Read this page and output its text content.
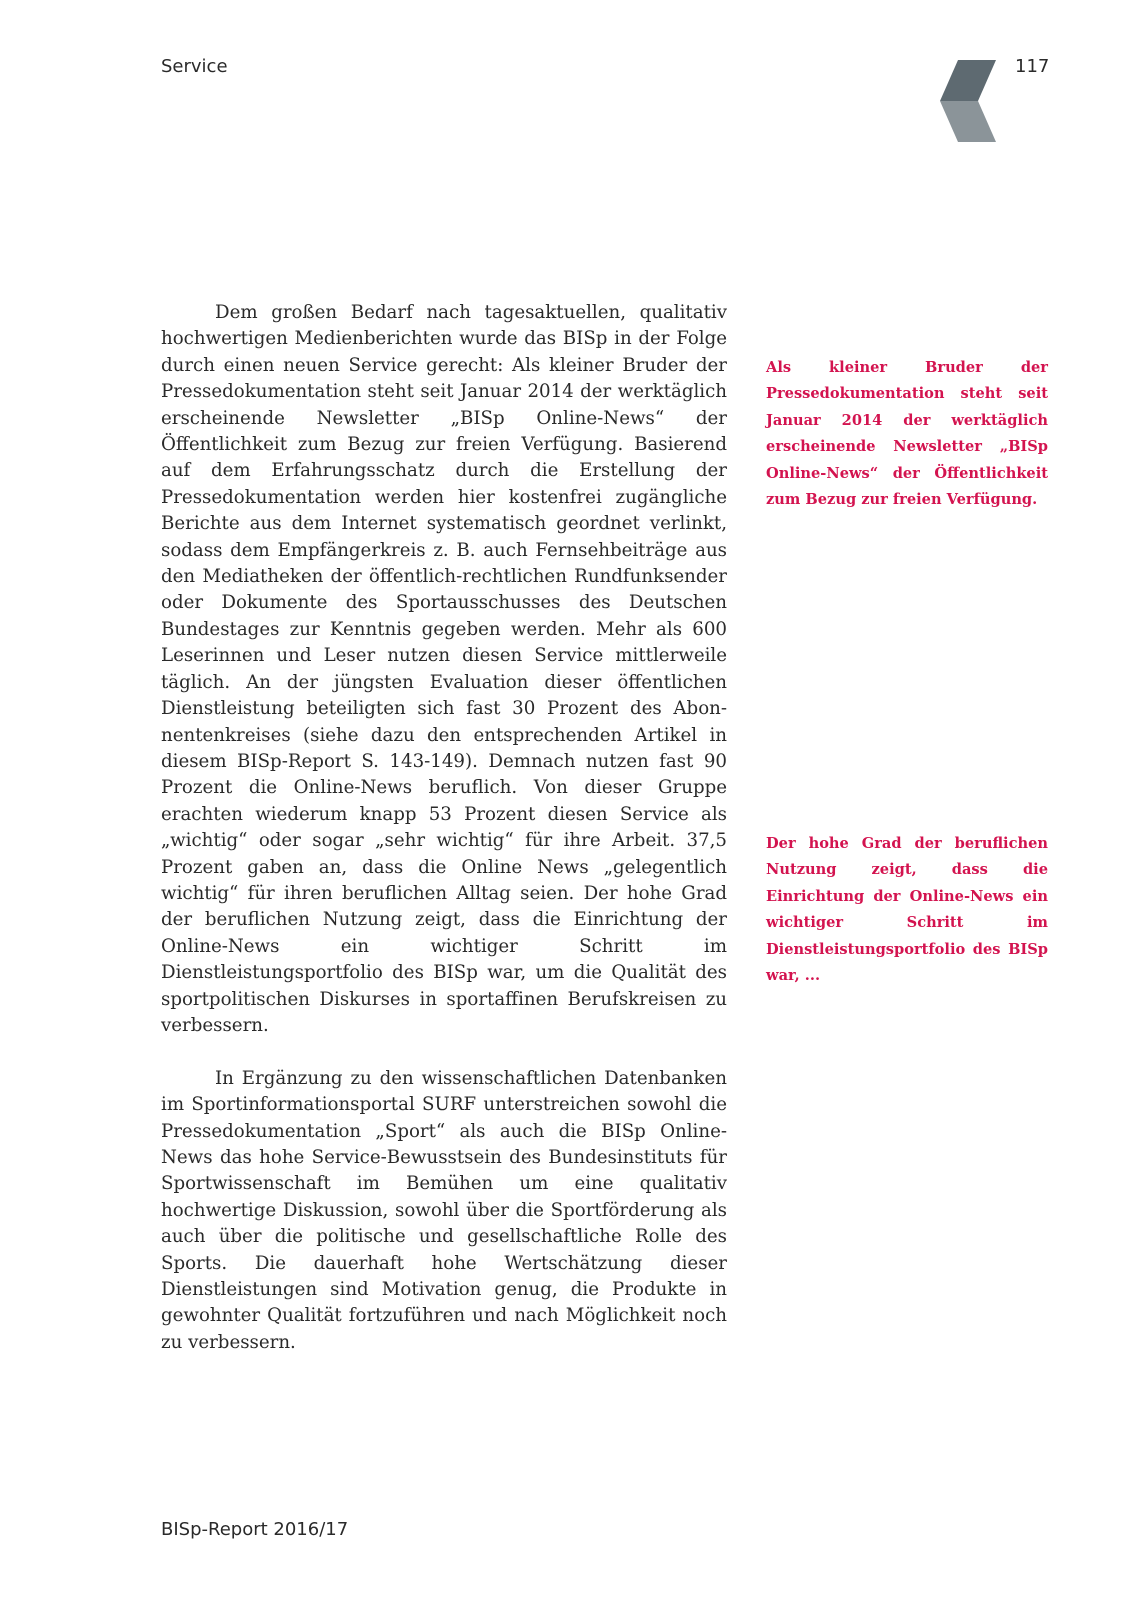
Service	117

Dem großen Bedarf nach tagesaktuellen, qualitativ hochwertigen Medienberichten wurde das BISp in der Folge durch einen neuen Service gerecht: Als kleiner Bruder der Pressedokumentation steht seit Januar 2014 der werktäglich erscheinende Newsletter „BISp Online-News“ der Öffentlichkeit zum Bezug zur freien Verfügung. Basierend auf dem Erfahrungsschatz durch die Erstellung der Pressedokumentation werden hier kostenfrei zugängliche Berichte aus dem Internet systematisch geordnet verlinkt, sodass dem Empfängerkreis z. B. auch Fernsehbeiträge aus den Mediatheken der öffentlich-rechtlichen Rundfunksender oder Dokumente des Sportausschusses des Deutschen Bundestages zur Kenntnis gegeben werden. Mehr als 600 Leserinnen und Leser nutzen diesen Service mittlerweile täglich. An der jüngsten Evaluation dieser öffentlichen Dienstleistung beteiligten sich fast 30 Prozent des Abon-nentenkreises (siehe dazu den entsprechenden Artikel in diesem BISp-Report S. 143-149). Demnach nutzen fast 90 Prozent die Online-News beruflich. Von dieser Gruppe erachten wiederum knapp 53 Prozent diesen Service als „wichtig“ oder sogar „sehr wichtig“ für ihre Arbeit. 37,5 Prozent gaben an, dass die Online News „gelegentlich wichtig“ für ihren beruflichen Alltag seien. Der hohe Grad der beruflichen Nutzung zeigt, dass die Einrichtung der Online-News ein wichtiger Schritt im Dienstleistungsportfolio des BISp war, um die Qualität des sportpolitischen Diskurses in sportaffinen Berufskreisen zu verbessern.

In Ergänzung zu den wissenschaftlichen Datenbanken im Sportinformationsportal SURF unterstreichen sowohl die Pressedokumentation „Sport“ als auch die BISp Online-News das hohe Service-Bewusstsein des Bundesinstituts für Sportwissenschaft im Bemühen um eine qualitativ hochwertige Diskussion, sowohl über die Sportförderung als auch über die politische und gesellschaftliche Rolle des Sports. Die dauerhaft hohe Wertschätzung dieser Dienstleistungen sind Motivation genug, die Produkte in gewohnter Qualität fortzuführen und nach Möglichkeit noch zu verbessern.

Als kleiner Bruder der Pressedokumentation steht seit Januar 2014 der werktäglich erscheinende Newsletter „BISp Online-News“ der Öffentlichkeit zum Bezug zur freien Verfügung.
Der hohe Grad der beruflichen Nutzung zeigt, dass die Einrichtung der Online-News ein wichtiger Schritt im Dienstleistungsportfolio des BISp war, ...
BISp-Report 2016/17
